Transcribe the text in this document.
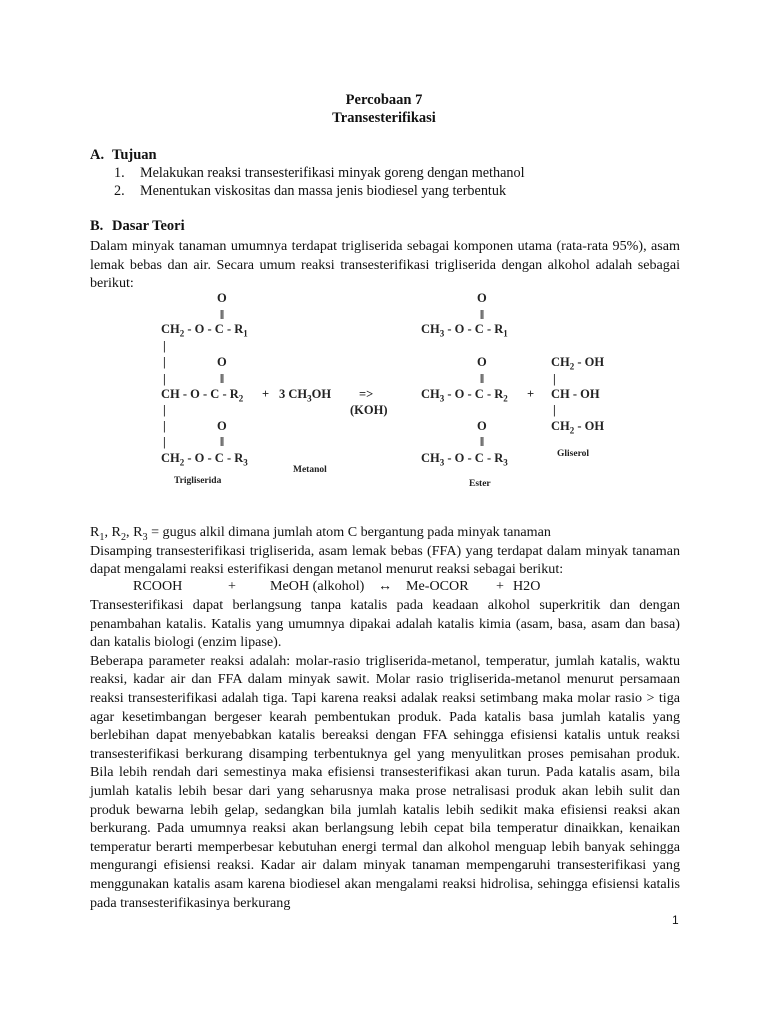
Percobaan 7
Transesterifikasi
A. Tujuan
1. Melakukan reaksi transesterifikasi minyak goreng dengan methanol
2. Menentukan viskositas dan massa jenis biodiesel yang terbentuk
B. Dasar Teori
Dalam minyak tanaman umumnya terdapat trigliserida sebagai komponen utama (rata-rata 95%), asam lemak bebas dan air. Secara umum reaksi transesterifikasi trigliserida dengan alkohol adalah sebagai berikut:
O
‖
$CH_2$ - O - C - $R_1$
|
|	O
|	‖
CH - O - C - $R_2$
|
|	O
|	‖
$CH_2$ - O - C - $R_3$
Trigliserida
+ 3 $CH_3OH$
Metanol
=>
(KOH)
O
‖
$CH_3$ - O - C - $R_1$
O
‖
$CH_3$ - O - C - $R_2$ +
O
‖
$CH_3$ - O - C - $R_3$
Ester
$CH_2$ - OH
|
CH - OH
|
$CH_2$ - OH
Gliserol
$R_1$, $R_2$, $R_3$ = gugus alkil dimana jumlah atom C bergantung pada minyak tanaman
Disamping transesterifikasi trigliserida, asam lemak bebas (FFA) yang terdapat dalam minyak tanaman dapat mengalami reaksi esterifikasi dengan metanol menurut reaksi sebagai berikut:
RCOOH	+ MeOH (alkohol) ↔ Me-OCOR + H2O
Transesterifikasi dapat berlangsung tanpa katalis pada keadaan alkohol superkritik dan dengan penambahan katalis. Katalis yang umumnya dipakai adalah katalis kimia (asam, basa, asam dan basa) dan katalis biologi (enzim lipase).
Beberapa parameter reaksi adalah: molar-rasio trigliserida-metanol, temperatur, jumlah katalis, waktu reaksi, kadar air dan FFA dalam minyak sawit. Molar rasio trigliserida-metanol menurut persamaan reaksi transesterifikasi adalah tiga. Tapi karena reaksi adalak reaksi setimbang maka molar rasio > tiga agar kesetimbangan bergeser kearah pembentukan produk. Pada katalis basa jumlah katalis yang berlebihan dapat menyebabkan katalis bereaksi dengan FFA sehingga efisiensi katalis untuk reaksi transesterifikasi berkurang disamping terbentuknya gel yang menyulitkan proses pemisahan produk. Bila lebih rendah dari semestinya maka efisiensi transesterifikasi akan turun. Pada katalis asam, bila jumlah katalis lebih besar dari yang seharusnya maka prose netralisasi produk akan lebih sulit dan produk bewarna lebih gelap, sedangkan bila jumlah katalis lebih sedikit maka efisiensi reaksi akan berkurang. Pada umumnya reaksi akan berlangsung lebih cepat bila temperatur dinaikkan, kenaikan temperatur berarti memperbesar kebutuhan energi termal dan alkohol menguap lebih banyak sehingga mengurangi efisiensi reaksi. Kadar air dalam minyak tanaman mempengaruhi transesterifikasi yang menggunakan katalis asam karena biodiesel akan mengalami reaksi hidrolisa, sehingga efisiensi katalis pada transesterifikasinya berkurang
1
